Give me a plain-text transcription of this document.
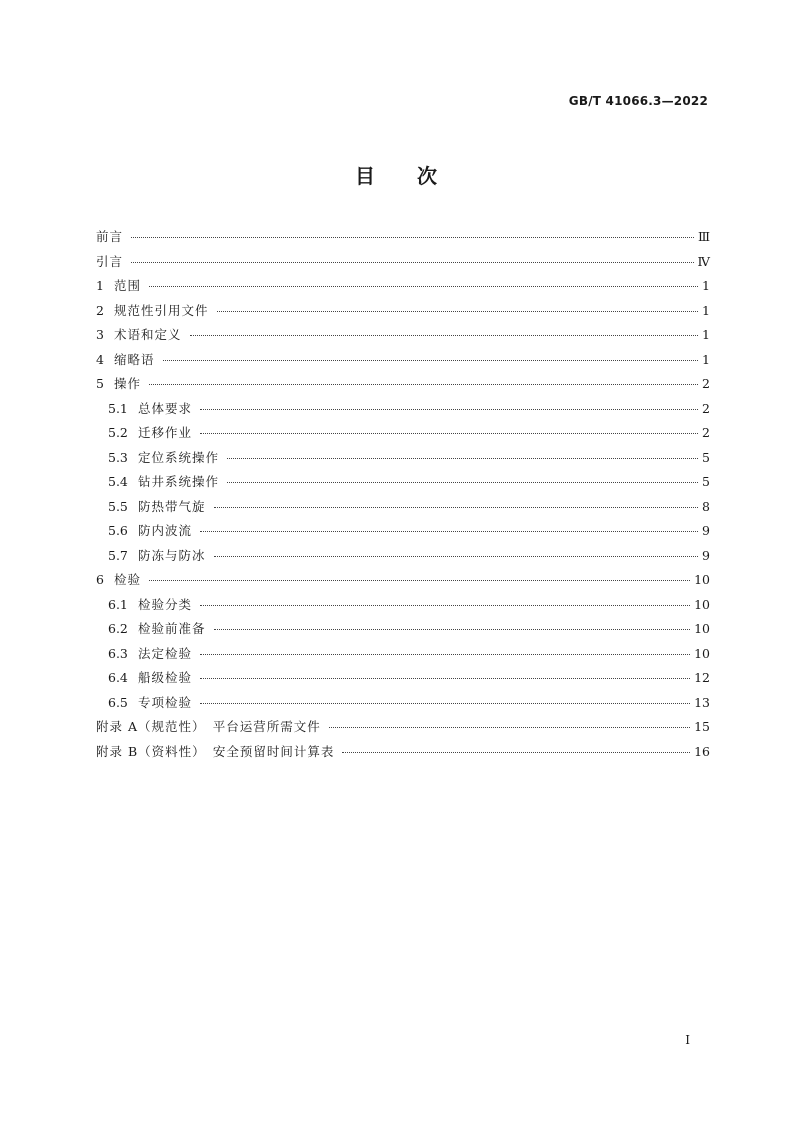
GB/T 41066.3—2022
目 次
前言	Ⅲ
引言	Ⅳ
1 范围	1
2 规范性引用文件	1
3 术语和定义	1
4 缩略语	1
5 操作	2
5.1 总体要求	2
5.2 迁移作业	2
5.3 定位系统操作	5
5.4 钻井系统操作	5
5.5 防热带气旋	8
5.6 防内波流	9
5.7 防冻与防冰	9
6 检验	10
6.1 检验分类	10
6.2 检验前准备	10
6.3 法定检验	10
6.4 船级检验	12
6.5 专项检验	13
附录 A（规范性）　平台运营所需文件	15
附录 B（资料性）　安全预留时间计算表	16
I
